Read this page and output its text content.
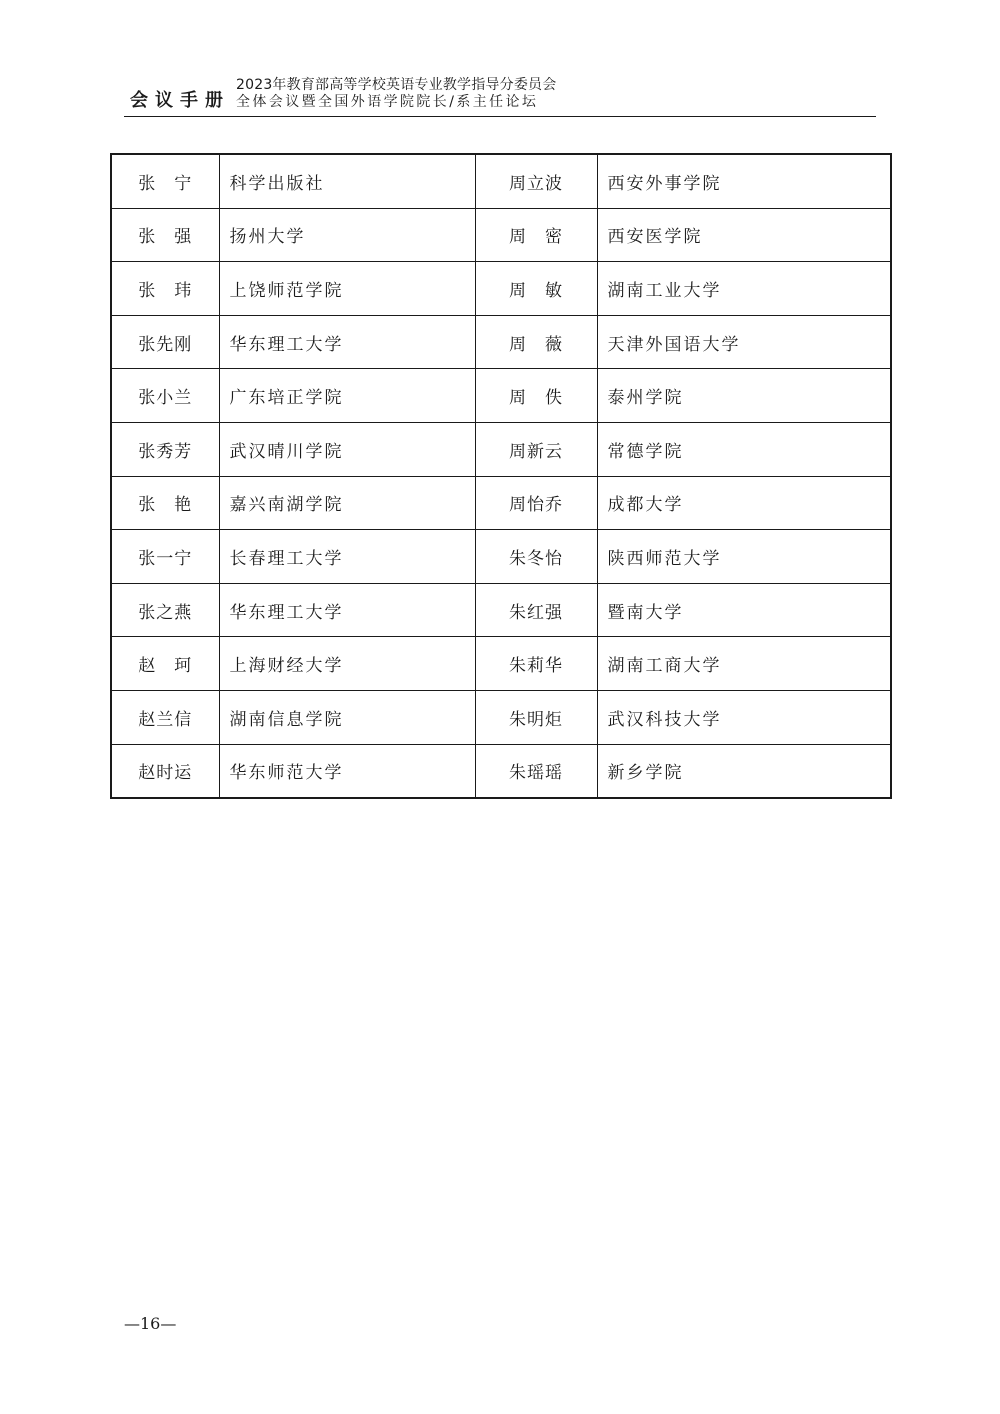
会议手册
2023年教育部高等学校英语专业教学指导分委员会
全体会议暨全国外语学院院长/系主任论坛
张　宁	科学出版社	周立波	西安外事学院
张　强	扬州大学	周　密	西安医学院
张　玮	上饶师范学院	周　敏	湖南工业大学
张先刚	华东理工大学	周　薇	天津外国语大学
张小兰	广东培正学院	周　佚	泰州学院
张秀芳	武汉晴川学院	周新云	常德学院
张　艳	嘉兴南湖学院	周怡乔	成都大学
张一宁	长春理工大学	朱冬怡	陕西师范大学
张之燕	华东理工大学	朱红强	暨南大学
赵　珂	上海财经大学	朱莉华	湖南工商大学
赵兰信	湖南信息学院	朱明炬	武汉科技大学
赵时运	华东师范大学	朱瑶瑶	新乡学院
—16—
